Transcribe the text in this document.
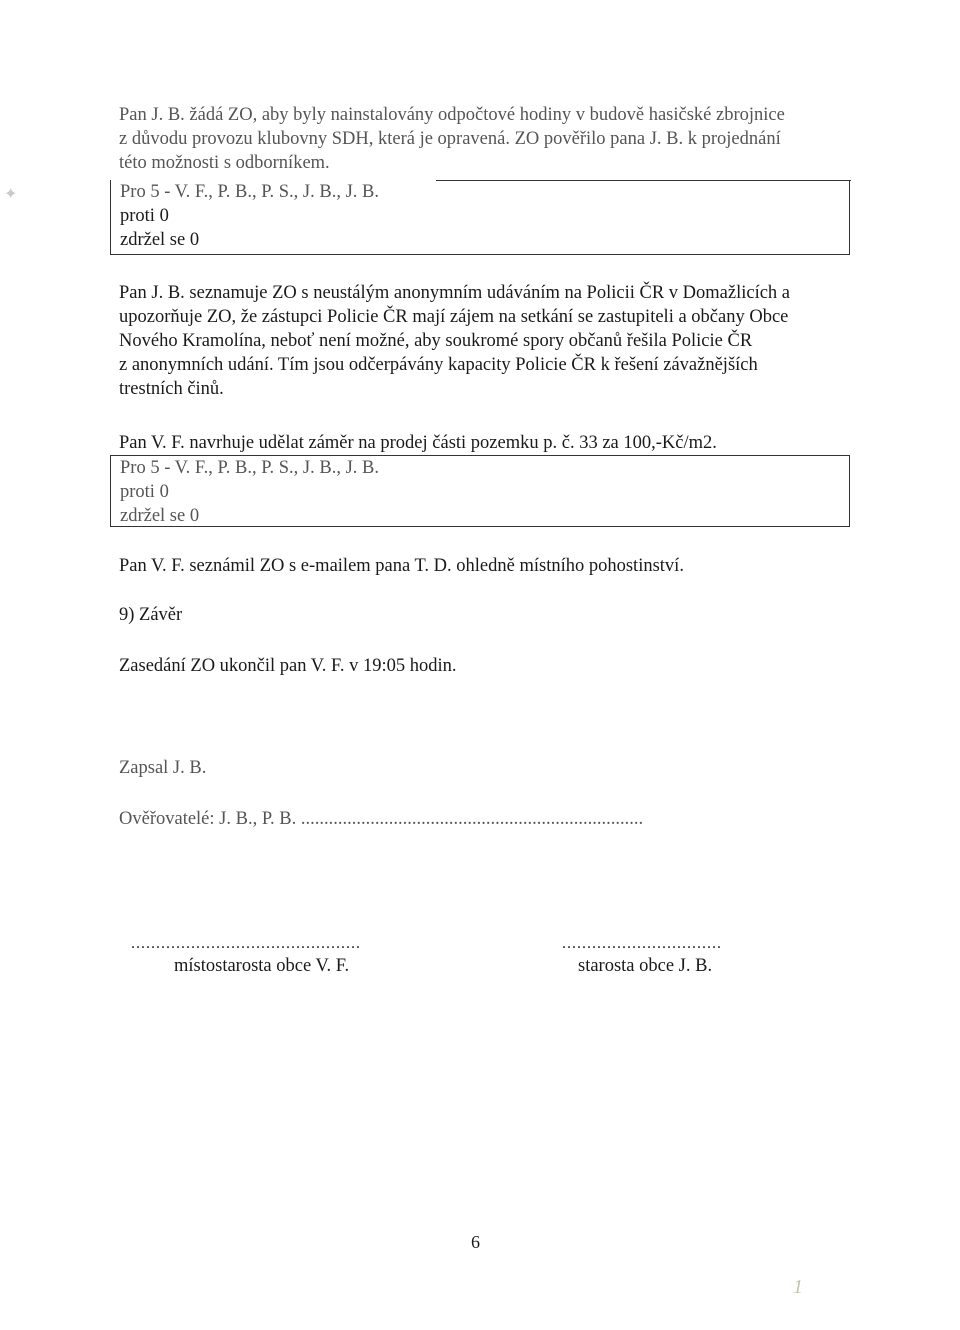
✦

Pan J. B. žádá ZO, aby byly nainstalovány odpočtové hodiny v budově hasičské zbrojnice

z důvodu provozu klubovny SDH, která je opravená. ZO pověřilo pana J. B. k projednání

této možnosti s odborníkem.

Pro 5 - V. F., P. B., P. S., J. B., J. B.
proti 0
zdržel se 0

Pan J. B. seznamuje ZO s neustálým anonymním udáváním na Policii ČR v Domažlicích a

upozorňuje ZO, že zástupci Policie ČR mají zájem na setkání se zastupiteli a občany Obce

Nového Kramolína, neboť není možné, aby soukromé spory občanů řešila Policie ČR

z anonymních udání. Tím jsou odčerpávány kapacity Policie ČR k řešení závažnějších

trestních činů.

Pan V. F. navrhuje udělat záměr na prodej části pozemku p. č. 33 za 100,-Kč/m2.

Pro 5 - V. F., P. B., P. S., J. B., J. B.
proti 0
zdržel se 0

Pan V. F. seznámil ZO s e-mailem pana T. D. ohledně místního pohostinství.

9) Závěr

Zasedání ZO ukončil pan V. F. v 19:05 hodin.

Zapsal J. B.

Ověřovatelé: J. B., P. B. ..........................................................................

..............................................
místostarosta obce V. F.
................................
starosta obce J. B.
6
1
